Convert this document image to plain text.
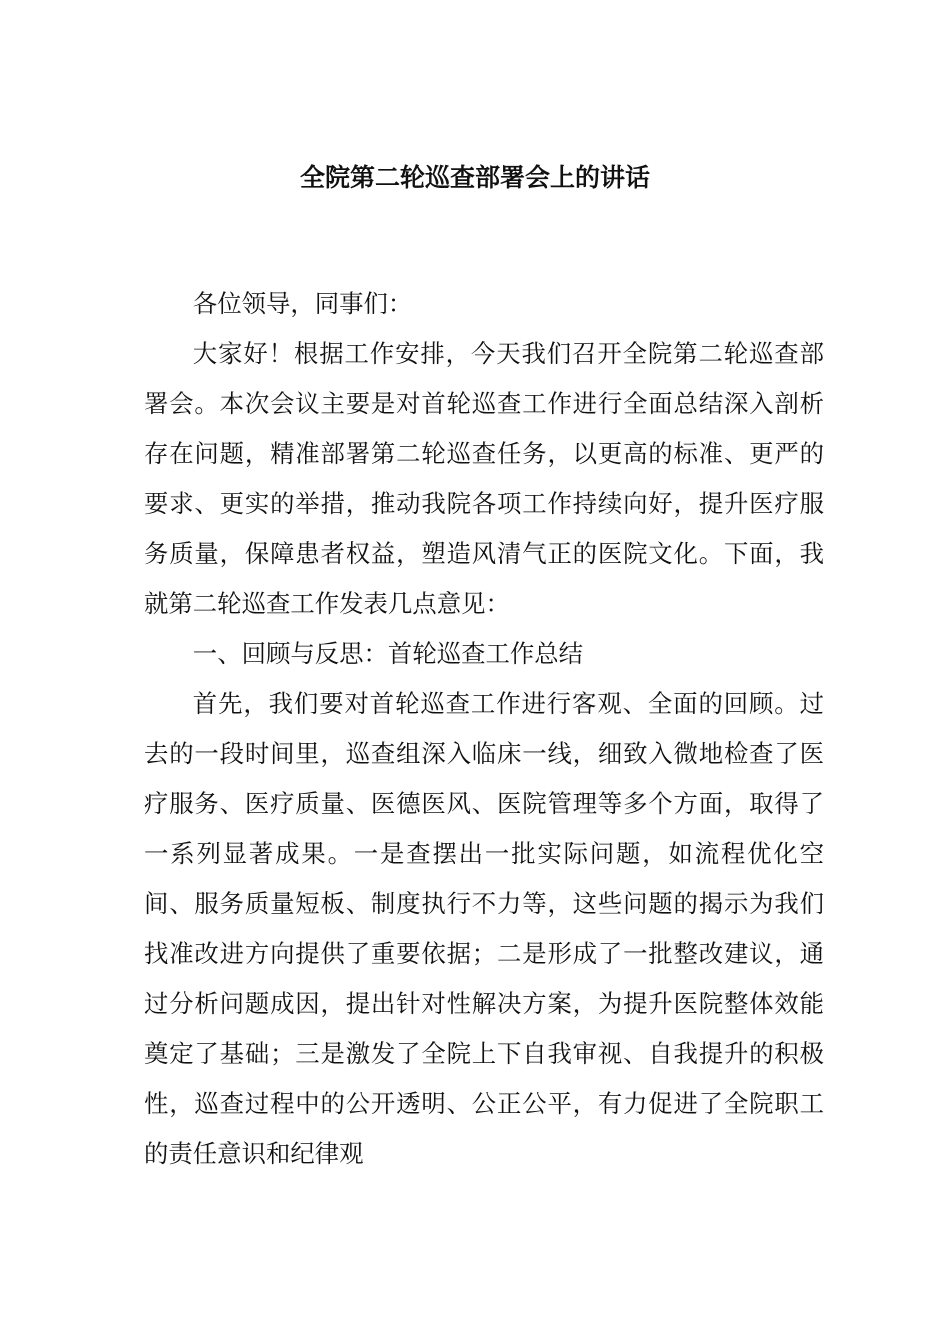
全院第二轮巡查部署会上的讲话

各位领导，同事们：

大家好！根据工作安排，今天我们召开全院第二轮巡查部署会。本次会议主要是对首轮巡查工作进行全面总结深入剖析存在问题，精准部署第二轮巡查任务，以更高的标准、更严的要求、更实的举措，推动我院各项工作持续向好，提升医疗服务质量，保障患者权益，塑造风清气正的医院文化。下面，我就第二轮巡查工作发表几点意见：

一、回顾与反思：首轮巡查工作总结

首先，我们要对首轮巡查工作进行客观、全面的回顾。过去的一段时间里，巡查组深入临床一线，细致入微地检查了医疗服务、医疗质量、医德医风、医院管理等多个方面，取得了一系列显著成果。一是查摆出一批实际问题，如流程优化空间、服务质量短板、制度执行不力等，这些问题的揭示为我们找准改进方向提供了重要依据；二是形成了一批整改建议，通过分析问题成因，提出针对性解决方案，为提升医院整体效能奠定了基础；三是激发了全院上下自我审视、自我提升的积极性，巡查过程中的公开透明、公正公平，有力促进了全院职工的责任意识和纪律观
